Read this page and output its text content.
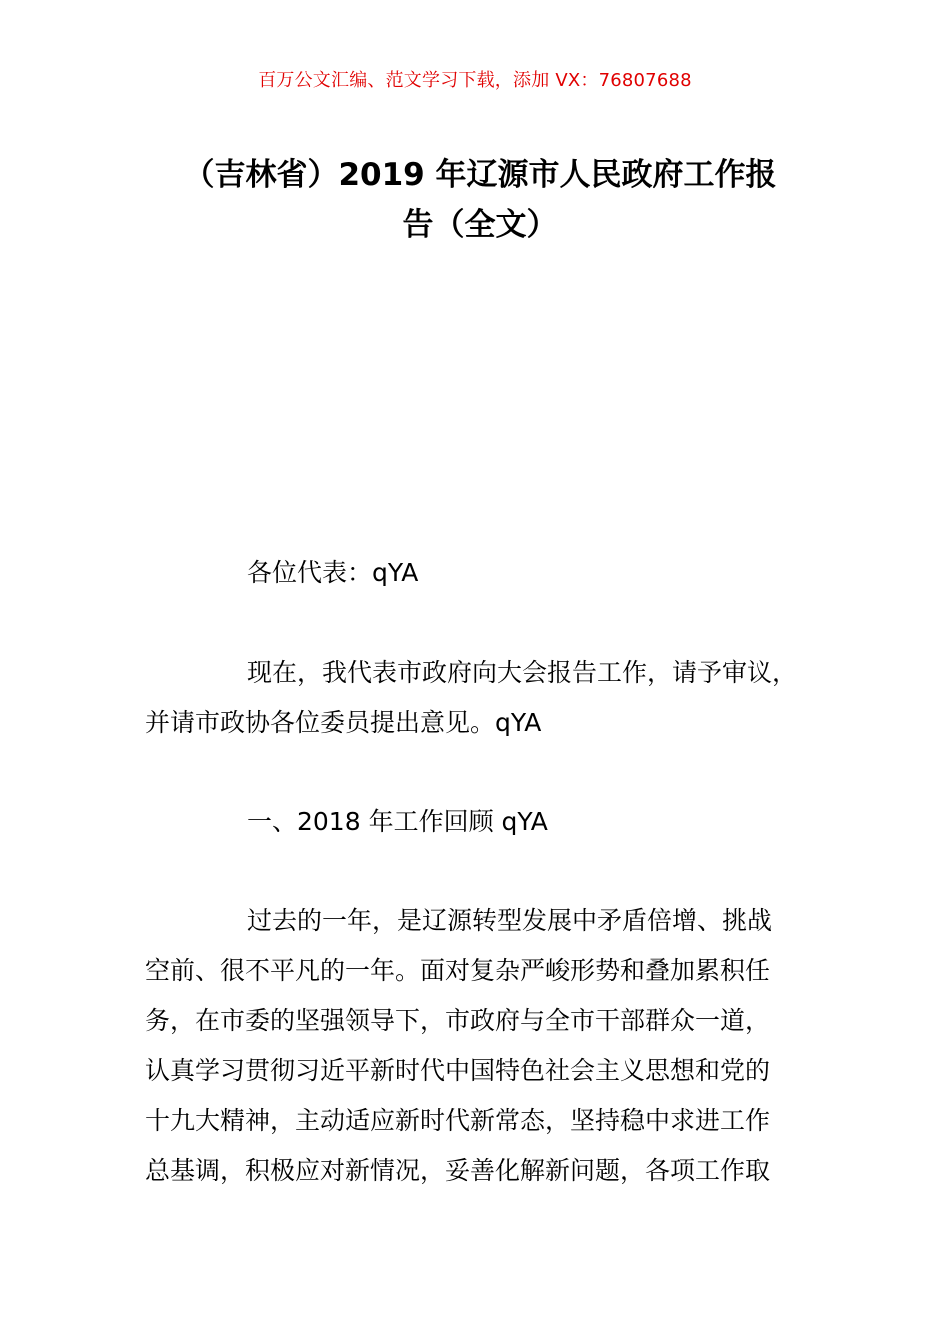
百万公文汇编、范文学习下载，添加 VX：76807688
（吉林省）2019 年辽源市人民政府工作报
告（全文）
各位代表：qYA
现在，我代表市政府向大会报告工作，请予审议，
并请市政协各位委员提出意见。qYA
一、2018 年工作回顾 qYA
过去的一年，是辽源转型发展中矛盾倍增、挑战
空前、很不平凡的一年。面对复杂严峻形势和叠加累积任
务，在市委的坚强领导下，市政府与全市干部群众一道，
认真学习贯彻习近平新时代中国特色社会主义思想和党的
十九大精神，主动适应新时代新常态，坚持稳中求进工作
总基调，积极应对新情况，妥善化解新问题，各项工作取
